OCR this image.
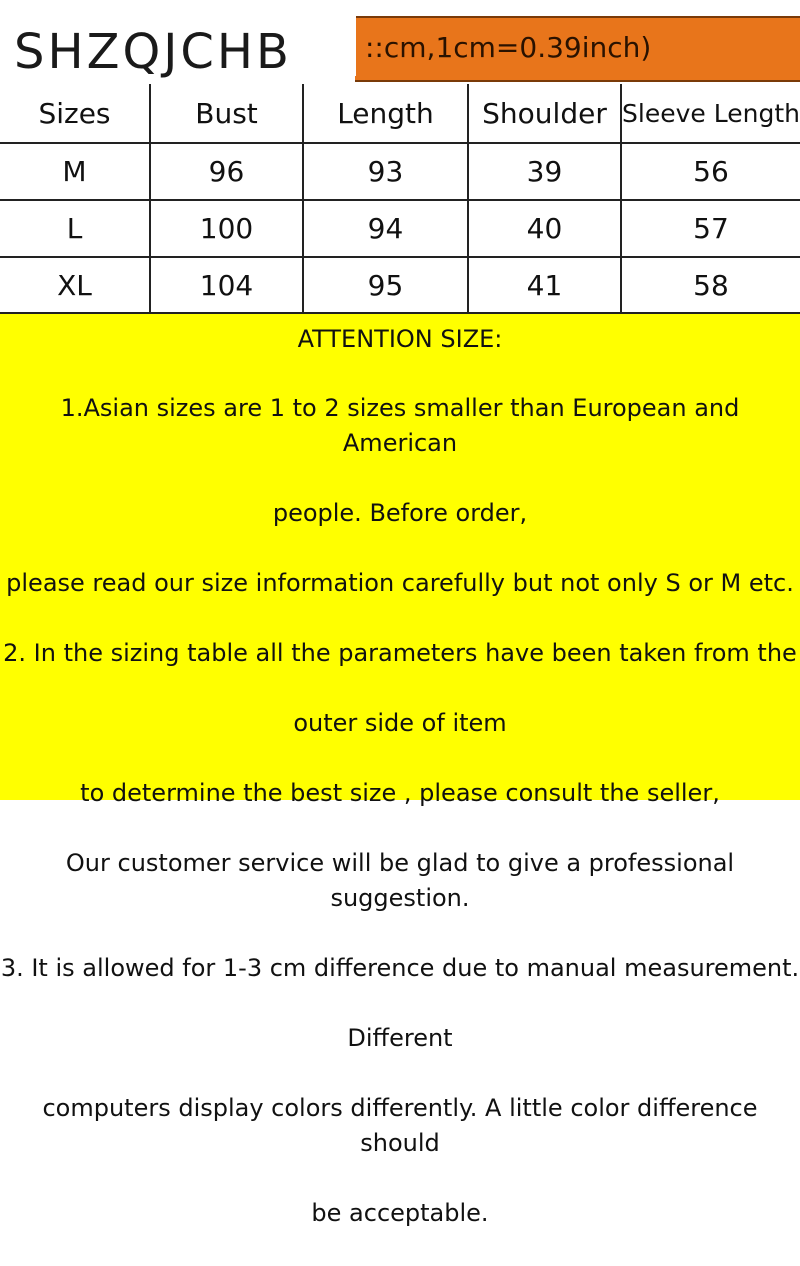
::cm,1cm=0.39inch)
SHZQJCHB
Sizes	Bust	Length	Shoulder	Sleeve Length
M	96	93	39	56
L	100	94	40	57
XL	104	95	41	58
ATTENTION SIZE:

1.Asian sizes are 1 to 2 sizes smaller than European and American

people. Before order,

please read our size information carefully but not only S or M etc.

2. In the sizing table all the parameters have been taken from the

outer side of item

to determine the best size , please consult the seller,

Our customer service will be glad to give a professional suggestion.

3. It is allowed for 1-3 cm difference due to manual measurement.

Different

computers display colors differently. A little color difference should

be acceptable.
